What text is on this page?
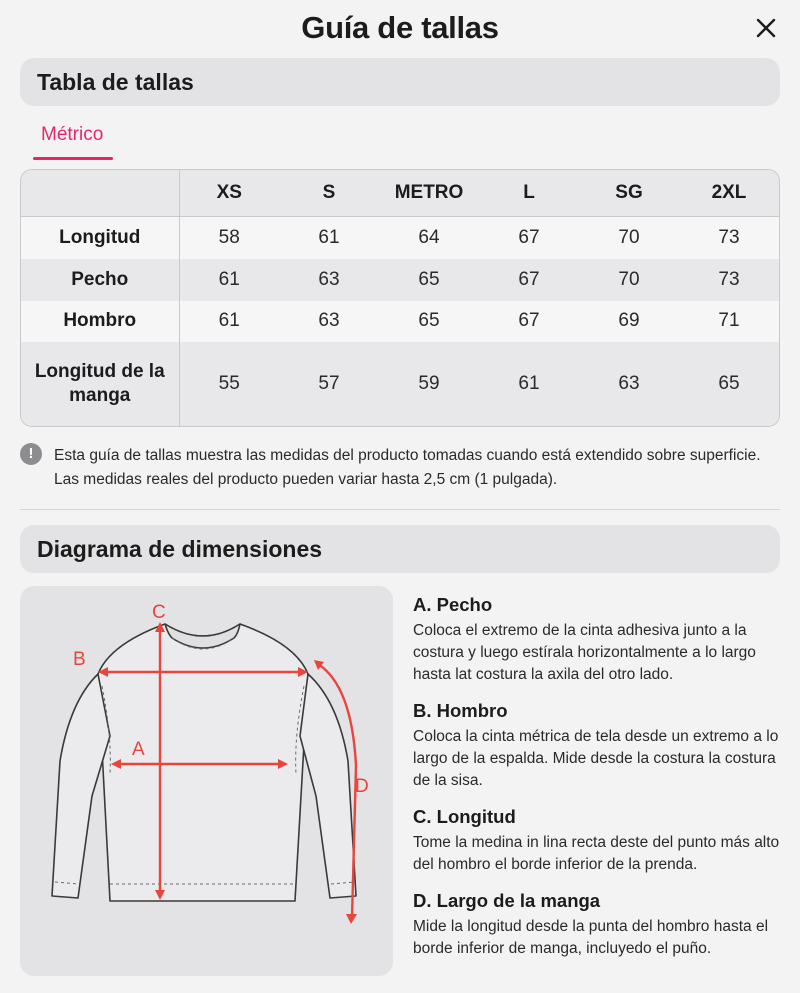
Guía de tallas
Tabla de tallas
Métrico
	XS	S	METRO	L	SG	2XL
Longitud	58	61	64	67	70	73
Pecho	61	63	65	67	70	73
Hombro	61	63	65	67	69	71
Longitud de la manga	55	57	59	61	63	65
!	Esta guía de tallas muestra las medidas del producto tomadas cuando está extendido sobre superficie.
Las medidas reales del producto pueden variar hasta 2,5 cm (1 pulgada).

Diagrama de dimensiones
A
B
C
D
A. Pecho

Coloca el extremo de la cinta adhesiva junto a la costura y luego estírala horizontalmente a lo largo hasta lat costura la axila del otro lado.

B. Hombro

Coloca la cinta métrica de tela desde un extremo a lo largo de la espalda. Mide desde la costura la costura de la sisa.

C. Longitud

Tome la medina in lina recta deste del punto más alto del hombro el borde inferior de la prenda.

D. Largo de la manga

Mide la longitud desde la punta del hombro hasta el borde inferior de manga, incluyedo el puño.
